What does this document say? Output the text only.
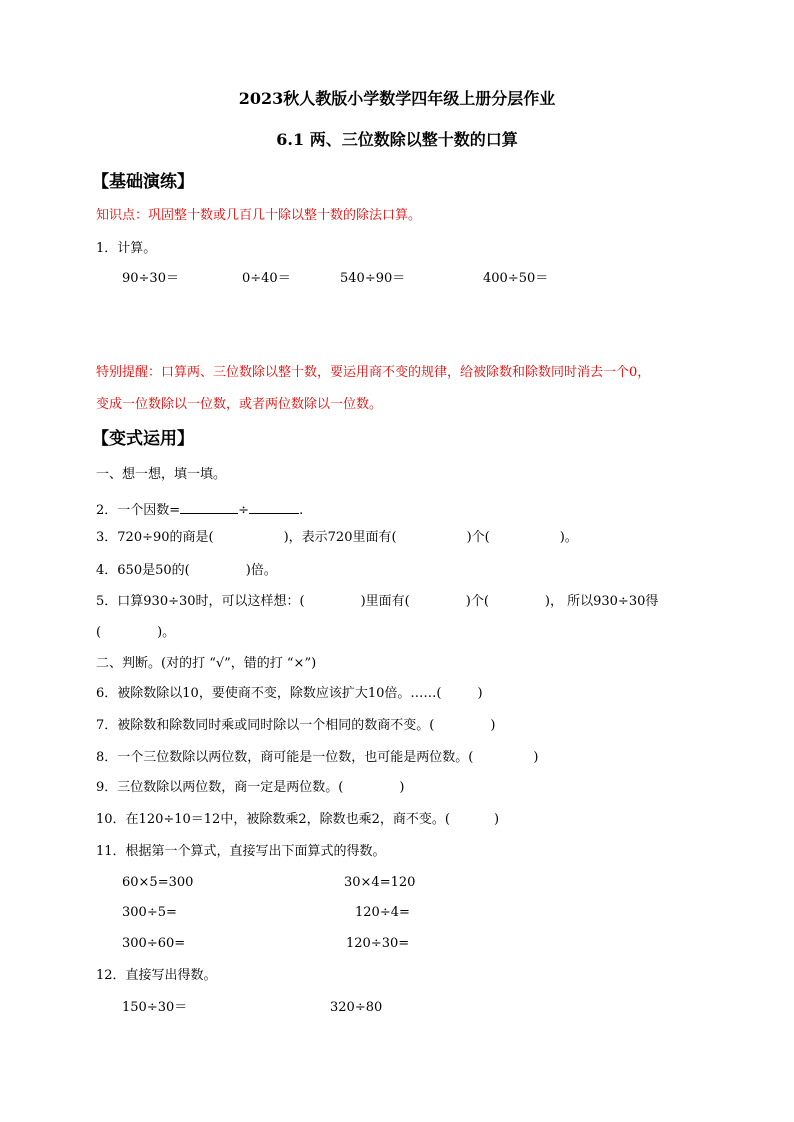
2023秋人教版小学数学四年级上册分层作业
6.1 两、三位数除以整十数的口算
【基础演练】
知识点：巩固整十数或几百几十除以整十数的除法口算。
1．计算。
90÷30＝	0÷40＝	540÷90＝	400÷50＝
特别提醒：口算两、三位数除以整十数，要运用商不变的规律，给被除数和除数同时消去一个0，
变成一位数除以一位数，或者两位数除以一位数。
【变式运用】
一、想一想，填一填。
2．一个因数=	÷	.
3．720÷90的商是(	)，表示720里面有(	)个(	)。
4．650是50的(	)倍。
5．口算930÷30时，可以这样想：(	)里面有(	)个(	)， 所以930÷30得
(	)。
二、判断。(对的打 “√”，错的打 “×”)
6．被除数除以10，要使商不变，除数应该扩大10倍。……(	)
7．被除数和除数同时乘或同时除以一个相同的数商不变。(	)
8．一个三位数除以两位数，商可能是一位数，也可能是两位数。(	)
9．三位数除以两位数，商一定是两位数。(	)
10．在120÷10＝12中，被除数乘2，除数也乘2，商不变。(	)
11．根据第一个算式，直接写出下面算式的得数。
60×5=300	30×4=120
300÷5=	120÷4=
300÷60=	120÷30=
12．直接写出得数。
150÷30＝	320÷80
